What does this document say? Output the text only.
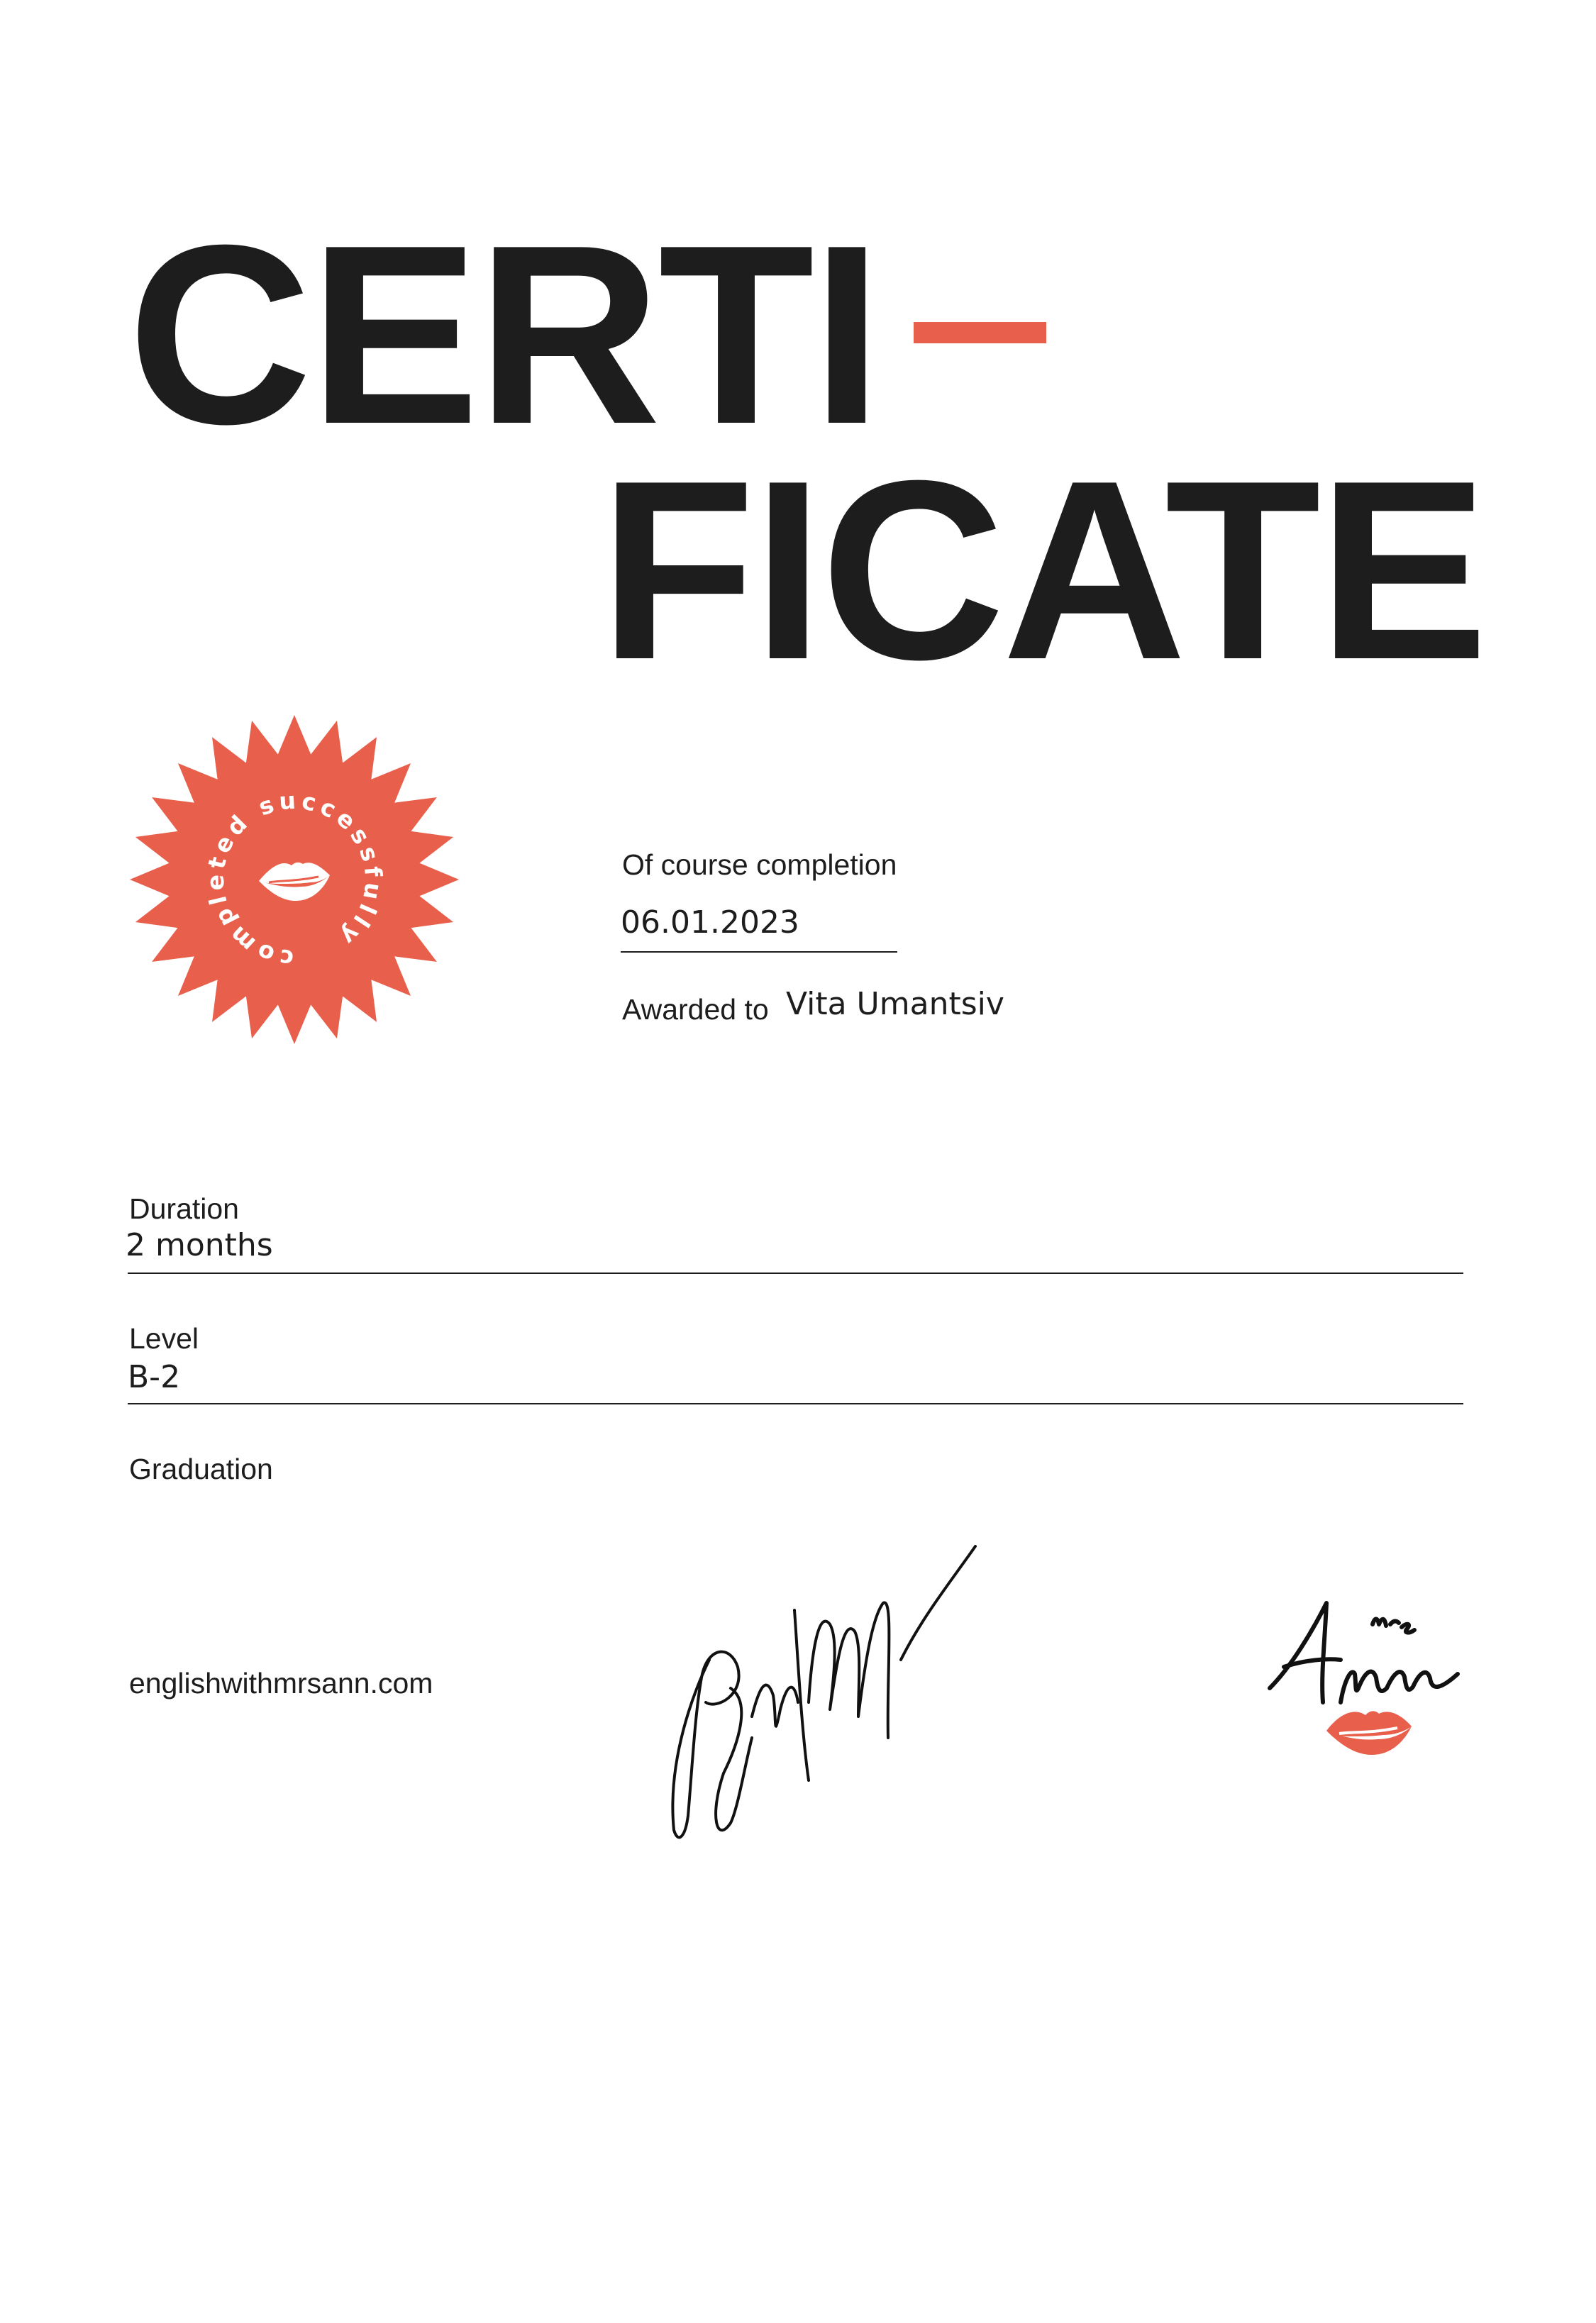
CERTI
FICATE
completed successfully
Of course completion
06.01.2023
Awarded to Vita Umantsiv
Duration
2 months
Level
B-2
Graduation
englishwithmrsann.com
